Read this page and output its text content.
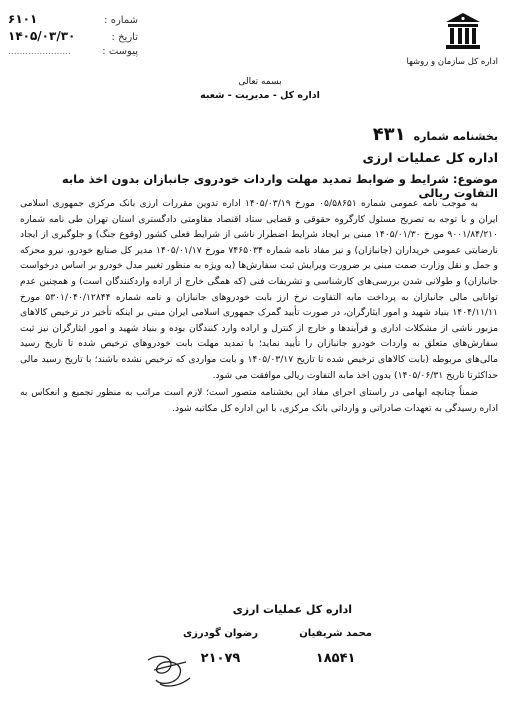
اداره کل سازمان و روشها
شماره :
۶۱۰۱
تاریخ :
۱۴۰۵/۰۳/۳۰
پیوست :
......................
بسمه تعالی
اداره کل - مدیریت - شعبه
بخشنامه شماره
۴۳۱
اداره کل عملیات ارزی
موضوع: شرایط و ضوابط تمدید مهلت واردات خودروی جانبازان بدون اخذ مابه التفاوت ریالی

به موجب نامه عمومی شماره ۰۵/۵۸۶۵۱ مورخ ۱۴۰۵/۰۳/۱۹ اداره تدوین مقررات ارزی بانک مرکزی جمهوری اسلامی ایران و با توجه به تصریح مسئول کارگروه حقوقی و قضایی ستاد اقتصاد مقاومتی دادگستری استان تهران طی نامه شماره ۹۰۰۱/۸۴/۲۱۰ مورخ ۱۴۰۵/۰۱/۳۰ مبنی بر ایجاد شرایط اضطرار ناشی از شرایط فعلی کشور (وقوع جنگ) و جلوگیری از ایجاد نارضایتی عمومی خریداران (جانبازان) و نیز مفاد نامه شماره ۷۴۶۵۰۳۴ مورخ ۱۴۰۵/۰۱/۱۷ مدیر کل صنایع خودرو، نیرو محرکه و حمل و نقل وزارت صمت مبنی بر ضرورت ویرایش ثبت سفارش‌ها (به ویژه به منظور تغییر مدل خودرو بر اساس درخواست جانبازان) و طولانی شدن بررسی‌های کارشناسی و تشریفات فنی (که همگی خارج از اراده واردکنندگان است) و همچنین عدم توانایی مالی جانبازان به پرداخت مابه التفاوت نرخ ارز بابت خودروهای جانبازان و نامه شماره ۵۳۰۱/۰۴۰/۱۲۸۴۴ مورخ ۱۴۰۴/۱۱/۱۱ بنیاد شهید و امور ایثارگران، در صورت تأیید گمرک جمهوری اسلامی ایران مبنی بر اینکه تأخیر در ترخیص کالاهای مزبور ناشی از مشکلات اداری و فرآیندها و خارج از کنترل و اراده وارد کنندگان بوده و بنیاد شهید و امور ایثارگران نیز ثبت سفارش‌های متعلق به واردات خودرو جانبازان را تأیید نماید؛ با تمدید مهلت بابت خودروهای ترخیص شده تا تاریخ رسید مالی‌های مربوطه (بابت کالاهای ترخیص شده تا تاریخ ۱۴۰۵/۰۳/۱۷ و بابت مواردی که ترخیص نشده باشند؛ با تاریخ رسید مالی حداکثرتا تاریخ ۱۴۰۵/۰۶/۳۱) بدون اخذ مابه التفاوت ریالی موافقت می شود.

ضمناً چنانچه ابهامی در راستای اجرای مفاد این بخشنامه متصور است؛ لازم است مراتب به منظور تجمیع و انعکاس به اداره رسیدگی به تعهدات صادراتی و وارداتی بانک مرکزی، با این اداره کل مکاتبه شود.

اداره کل عملیات ارزی
محمد شریفیان
۱۸۵۴۱
رضوان گودرزی
۲۱۰۷۹
